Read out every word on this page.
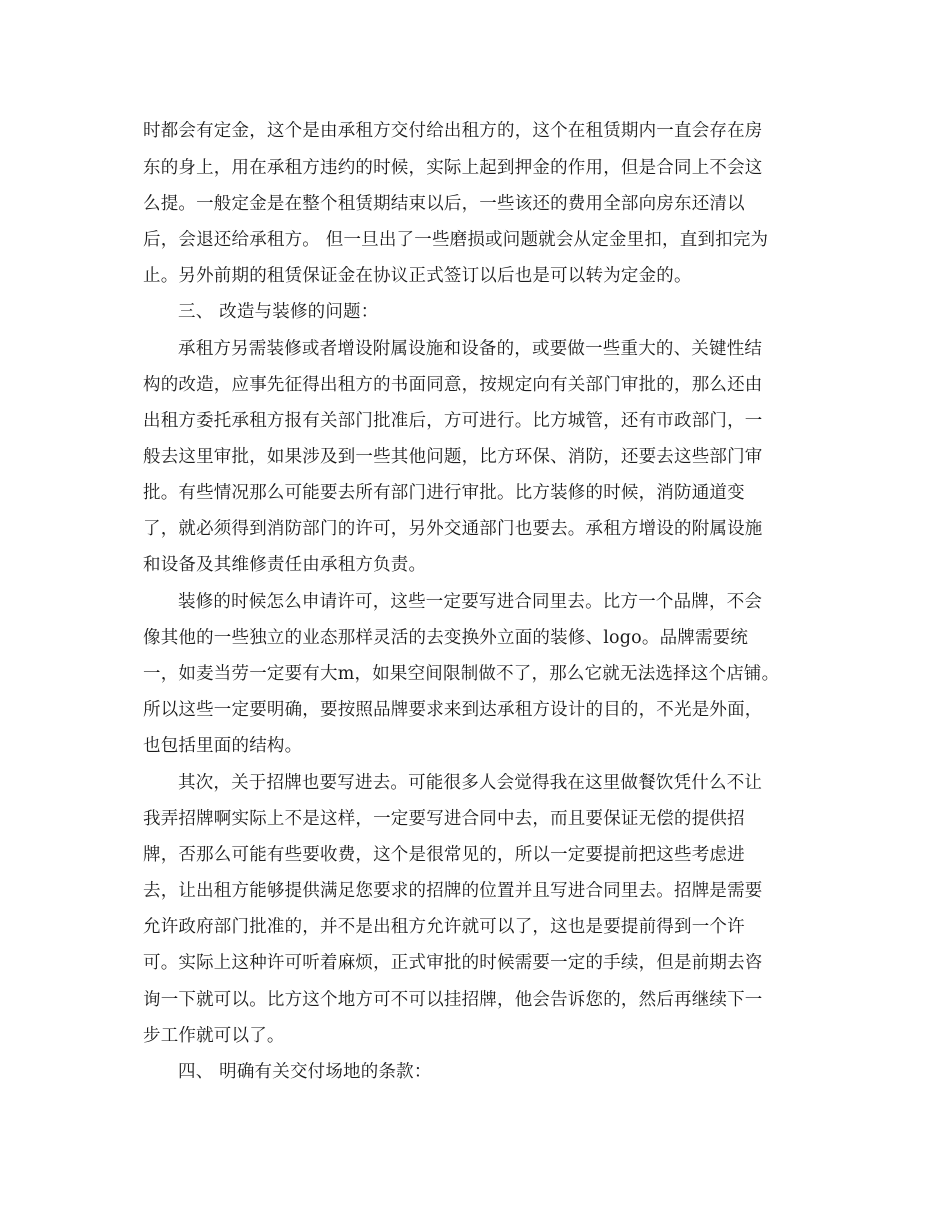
时都会有定金，这个是由承租方交付给出租方的，这个在租赁期内一直会存在房
东的身上，用在承租方违约的时候，实际上起到押金的作用，但是合同上不会这
么提。一般定金是在整个租赁期结束以后，一些该还的费用全部向房东还清以
后，会退还给承租方。 但一旦出了一些磨损或问题就会从定金里扣，直到扣完为
止。另外前期的租赁保证金在协议正式签订以后也是可以转为定金的。
三、 改造与装修的问题：
承租方另需装修或者增设附属设施和设备的，或要做一些重大的、关键性结
构的改造，应事先征得出租方的书面同意，按规定向有关部门审批的，那么还由
出租方委托承租方报有关部门批准后，方可进行。比方城管，还有市政部门，一
般去这里审批，如果涉及到一些其他问题，比方环保、消防，还要去这些部门审
批。有些情况那么可能要去所有部门进行审批。比方装修的时候，消防通道变
了，就必须得到消防部门的许可，另外交通部门也要去。承租方增设的附属设施
和设备及其维修责任由承租方负责。
装修的时候怎么申请许可，这些一定要写进合同里去。比方一个品牌，不会
像其他的一些独立的业态那样灵活的去变换外立面的装修、logo。品牌需要统
一，如麦当劳一定要有大m，如果空间限制做不了，那么它就无法选择这个店铺。
所以这些一定要明确，要按照品牌要求来到达承租方设计的目的，不光是外面，
也包括里面的结构。
其次，关于招牌也要写进去。可能很多人会觉得我在这里做餐饮凭什么不让
我弄招牌啊实际上不是这样，一定要写进合同中去，而且要保证无偿的提供招
牌，否那么可能有些要收费，这个是很常见的，所以一定要提前把这些考虑进
去，让出租方能够提供满足您要求的招牌的位置并且写进合同里去。招牌是需要
允许政府部门批准的，并不是出租方允许就可以了，这也是要提前得到一个许
可。实际上这种许可听着麻烦，正式审批的时候需要一定的手续，但是前期去咨
询一下就可以。比方这个地方可不可以挂招牌，他会告诉您的，然后再继续下一
步工作就可以了。
四、 明确有关交付场地的条款：
